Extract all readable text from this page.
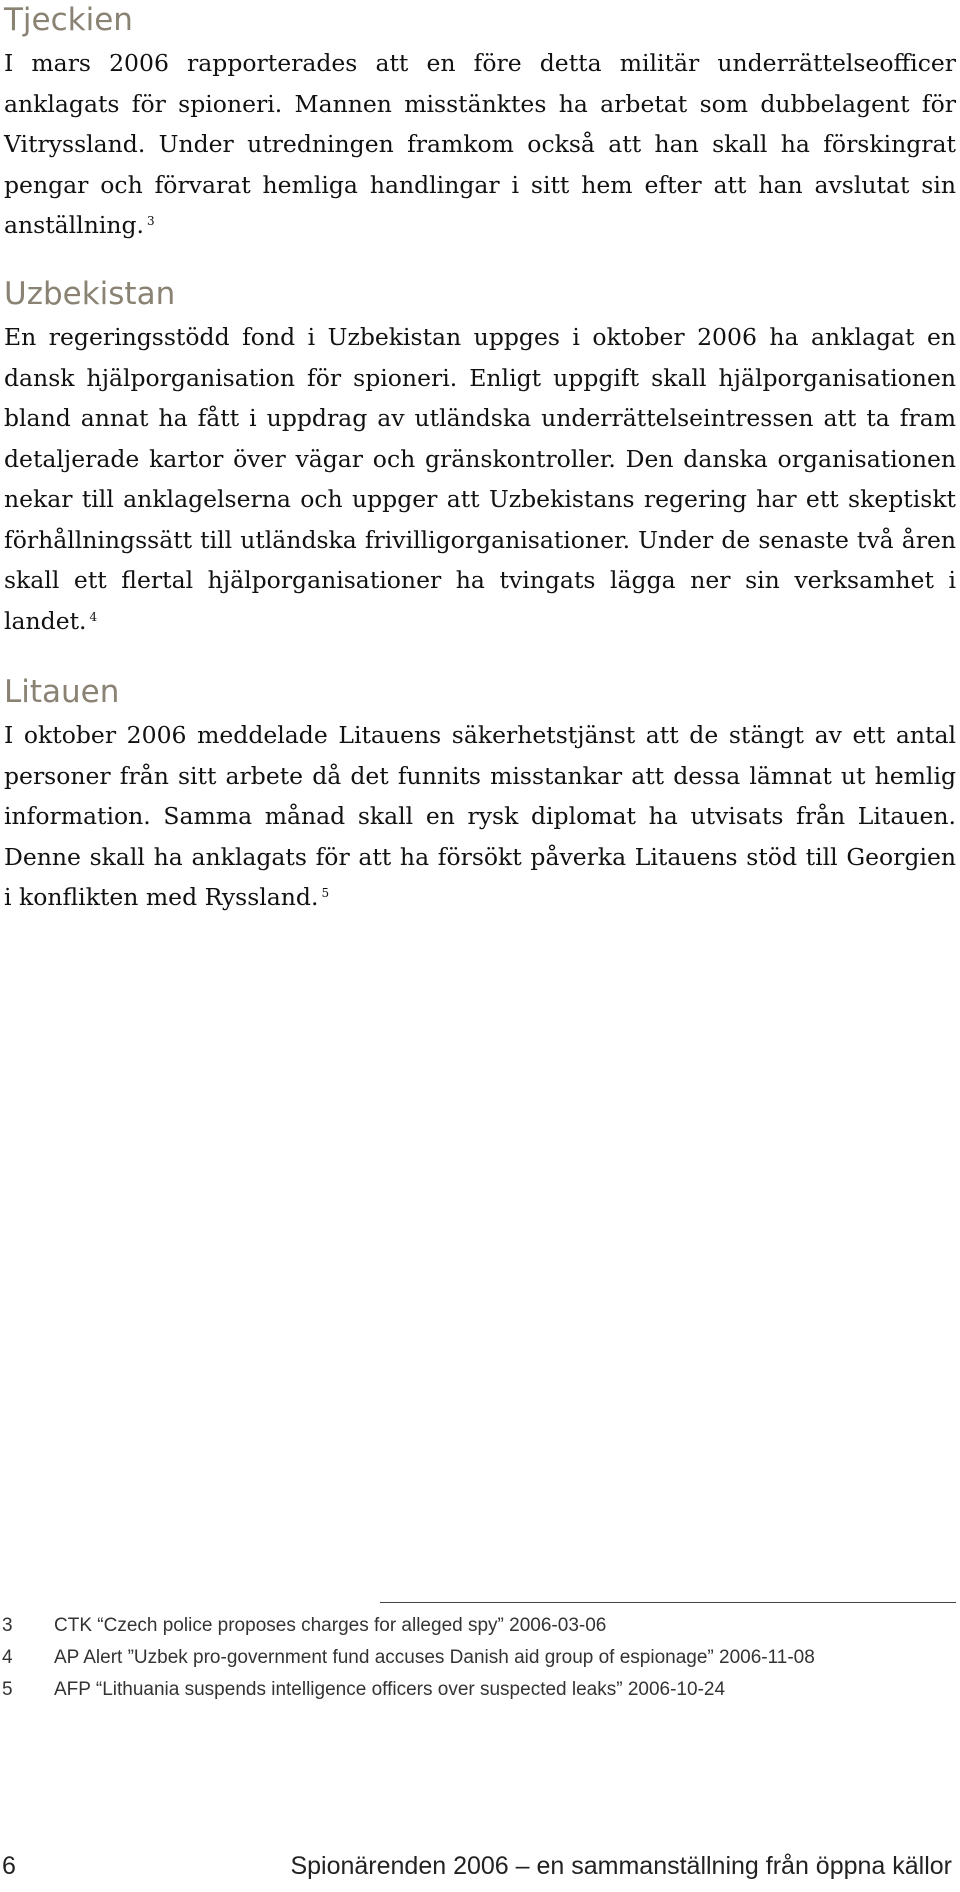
Tjeckien

I mars 2006 rapporterades att en före detta militär underrättelseofficer anklagats för spioneri. Mannen misstänktes ha arbetat som dubbelagent för Vitryssland. Under utredningen framkom också att han skall ha förskingrat pengar och förvarat hemliga handlingar i sitt hem efter att han avslutat sin anställning. $^3$

Uzbekistan

En regeringsstödd fond i Uzbekistan uppges i oktober 2006 ha anklagat en dansk hjälporganisation för spioneri. Enligt uppgift skall hjälporganisationen bland annat ha fått i uppdrag av utländska underrättelseintressen att ta fram detaljerade kartor över vägar och gränskontroller. Den danska organisationen nekar till anklagelserna och uppger att Uzbekistans regering har ett skeptiskt förhållningssätt till utländska frivilligorganisationer. Under de senaste två åren skall ett flertal hjälporganisationer ha tvingats lägga ner sin verksamhet i landet. $^4$

Litauen

I oktober 2006 meddelade Litauens säkerhetstjänst att de stängt av ett antal personer från sitt arbete då det funnits misstankar att dessa lämnat ut hemlig information. Samma månad skall en rysk diplomat ha utvisats från Litauen. Denne skall ha anklagats för att ha försökt påverka Litauens stöd till Georgien i konflikten med Ryssland. $^5$

3	CTK “Czech police proposes charges for alleged spy” 2006-03-06
4	AP Alert ”Uzbek pro-government fund accuses Danish aid group of espionage” 2006-11-08
5	AFP “Lithuania suspends intelligence officers over suspected leaks” 2006-10-24
6	Spionärenden 2006 – en sammanställning från öppna källor
